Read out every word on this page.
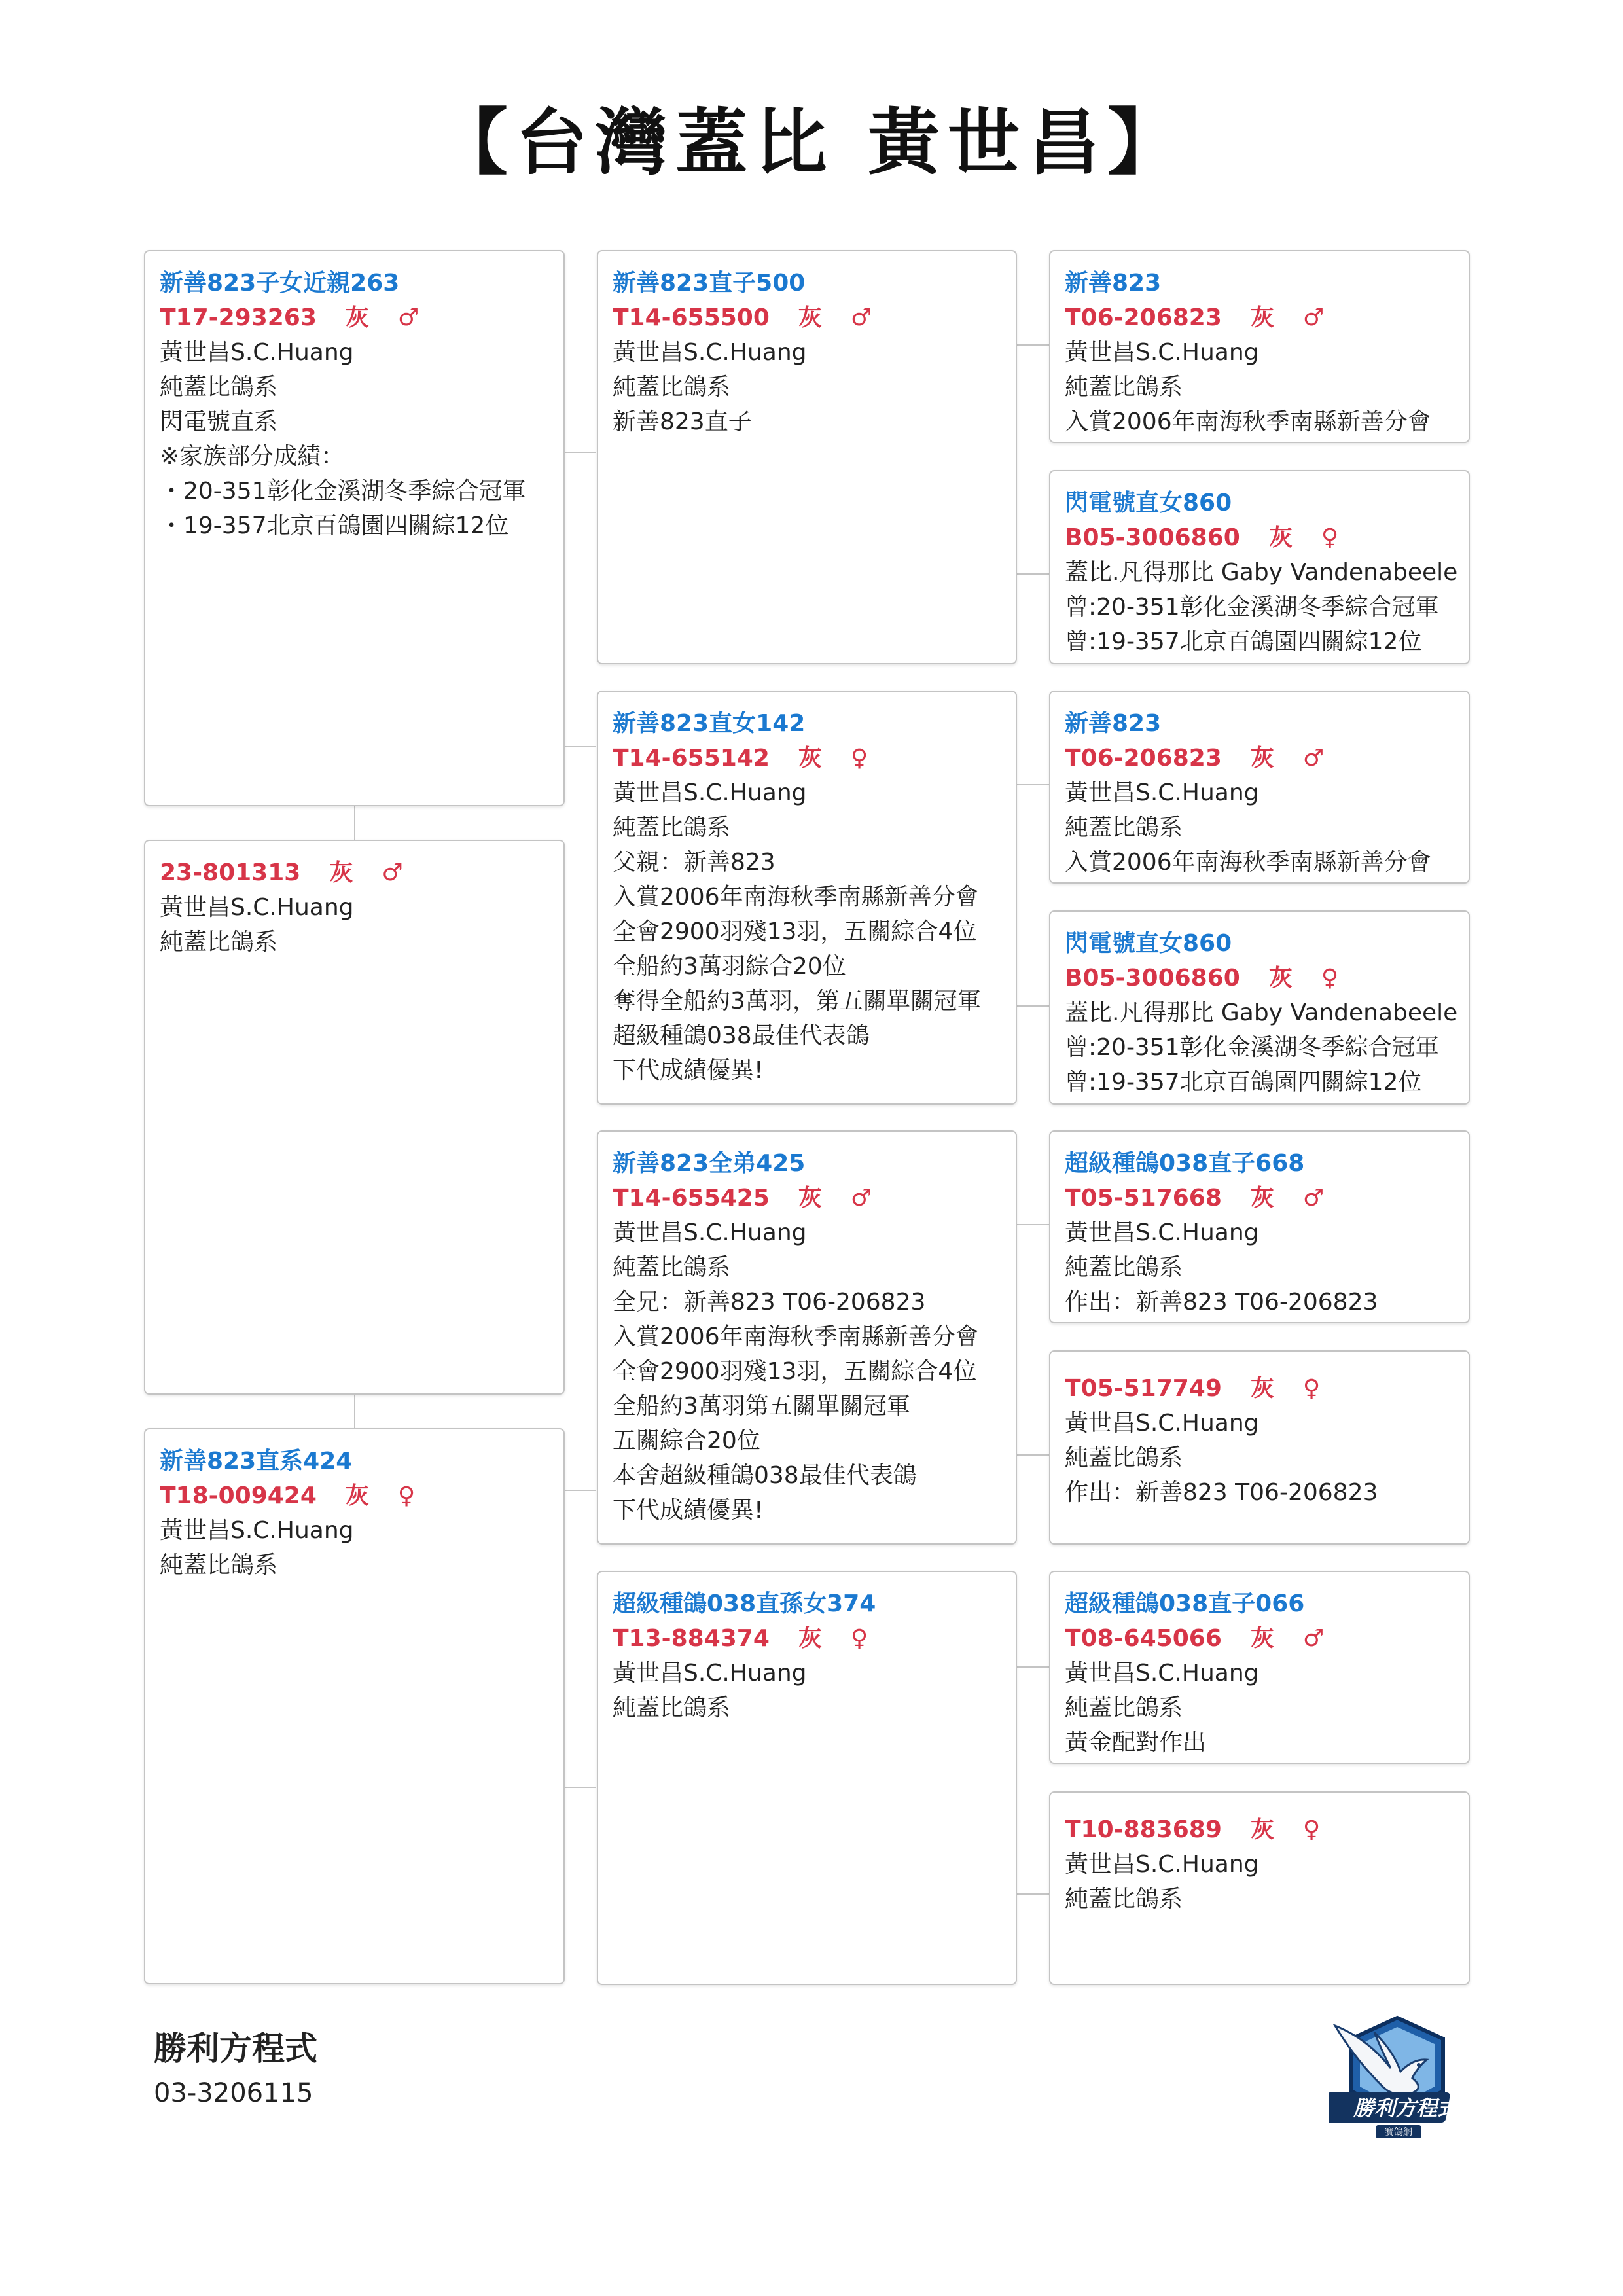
【台灣蓋比 黃世昌】
新善823子女近親263
T17-293263 灰 ♂
黃世昌S.C.Huang
純蓋比鴿系
閃電號直系
※家族部分成績：
・20-351彰化金溪湖冬季綜合冠軍
・19-357北京百鴿園四關綜12位
23-801313 灰 ♂
黃世昌S.C.Huang
純蓋比鴿系
新善823直系424
T18-009424 灰 ♀
黃世昌S.C.Huang
純蓋比鴿系
新善823直子500
T14-655500 灰 ♂
黃世昌S.C.Huang
純蓋比鴿系
新善823直子
新善823直女142
T14-655142 灰 ♀
黃世昌S.C.Huang
純蓋比鴿系
父親：新善823
入賞2006年南海秋季南縣新善分會
全會2900羽殘13羽，五關綜合4位
全船約3萬羽綜合20位
奪得全船約3萬羽，第五關單關冠軍
超級種鴿038最佳代表鴿
下代成績優異!
新善823全弟425
T14-655425 灰 ♂
黃世昌S.C.Huang
純蓋比鴿系
全兄：新善823 T06-206823
入賞2006年南海秋季南縣新善分會
全會2900羽殘13羽，五關綜合4位
全船約3萬羽第五關單關冠軍
五關綜合20位
本舍超級種鴿038最佳代表鴿
下代成績優異!
超級種鴿038直孫女374
T13-884374 灰 ♀
黃世昌S.C.Huang
純蓋比鴿系
新善823
T06-206823 灰 ♂
黃世昌S.C.Huang
純蓋比鴿系
入賞2006年南海秋季南縣新善分會
閃電號直女860
B05-3006860 灰 ♀
蓋比.凡得那比 Gaby Vandenabeele
曾:20-351彰化金溪湖冬季綜合冠軍
曾:19-357北京百鴿園四關綜12位
新善823
T06-206823 灰 ♂
黃世昌S.C.Huang
純蓋比鴿系
入賞2006年南海秋季南縣新善分會
閃電號直女860
B05-3006860 灰 ♀
蓋比.凡得那比 Gaby Vandenabeele
曾:20-351彰化金溪湖冬季綜合冠軍
曾:19-357北京百鴿園四關綜12位
超級種鴿038直子668
T05-517668 灰 ♂
黃世昌S.C.Huang
純蓋比鴿系
作出：新善823 T06-206823
T05-517749 灰 ♀
黃世昌S.C.Huang
純蓋比鴿系
作出：新善823 T06-206823
超級種鴿038直子066
T08-645066 灰 ♂
黃世昌S.C.Huang
純蓋比鴿系
黃金配對作出
T10-883689 灰 ♀
黃世昌S.C.Huang
純蓋比鴿系
勝利方程式
03-3206115	勝利方程式
賽鴿網
